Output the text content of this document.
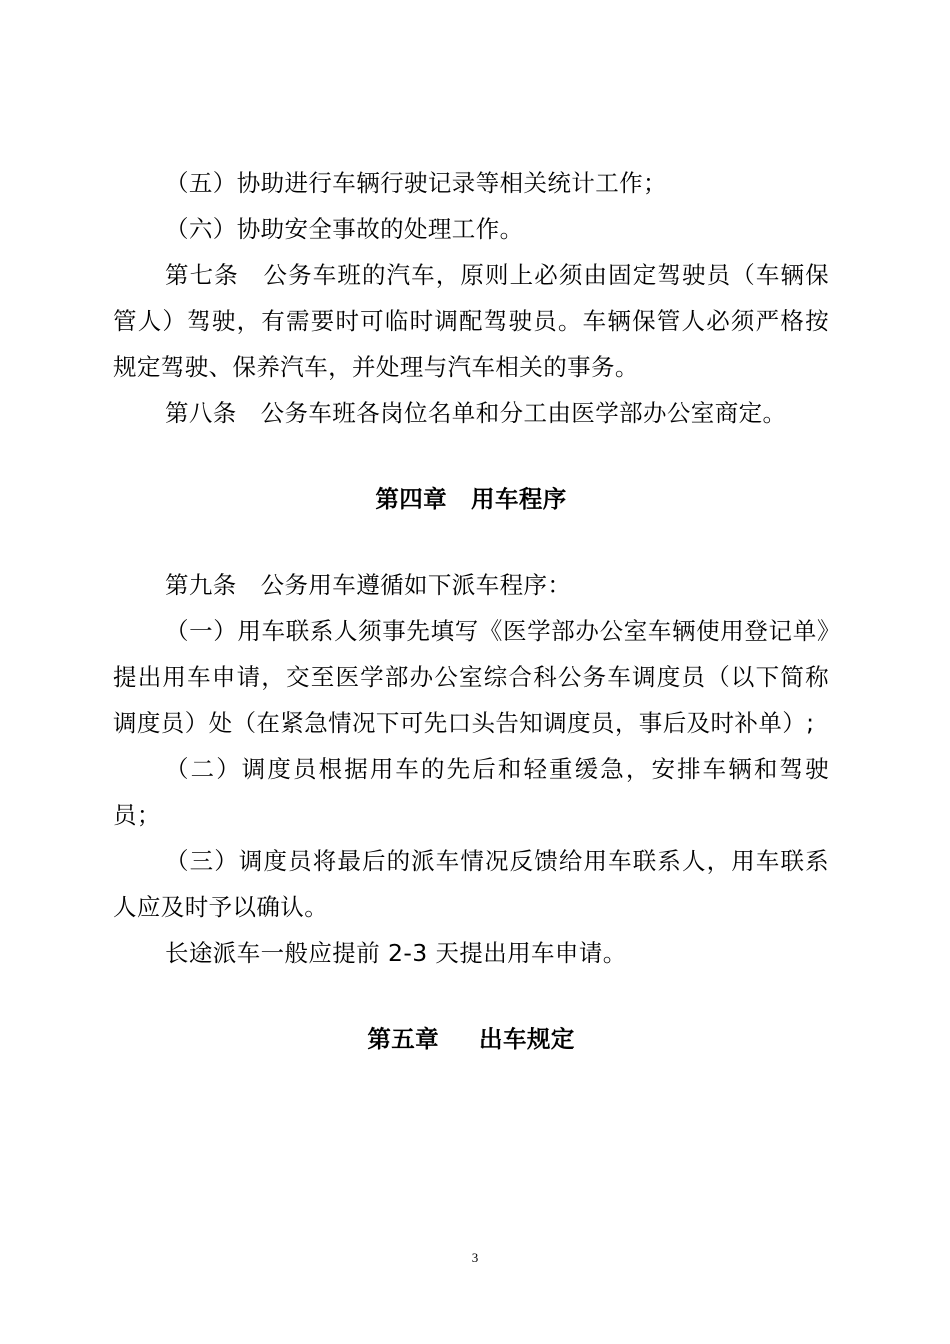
（五）协助进行车辆行驶记录等相关统计工作；

（六）协助安全事故的处理工作。

第七条　公务车班的汽车，原则上必须由固定驾驶员（车辆保管人）驾驶，有需要时可临时调配驾驶员。车辆保管人必须严格按规定驾驶、保养汽车，并处理与汽车相关的事务。

第八条　公务车班各岗位名单和分工由医学部办公室商定。

第四章 用车程序

第九条　公务用车遵循如下派车程序：

（一）用车联系人须事先填写《医学部办公室车辆使用登记单》提出用车申请，交至医学部办公室综合科公务车调度员（以下简称调度员）处（在紧急情况下可先口头告知调度员，事后及时补单）;

（二）调度员根据用车的先后和轻重缓急，安排车辆和驾驶员；

（三）调度员将最后的派车情况反馈给用车联系人，用车联系人应及时予以确认。

长途派车一般应提前 2-3 天提出用车申请。

第五章 出车规定
3
